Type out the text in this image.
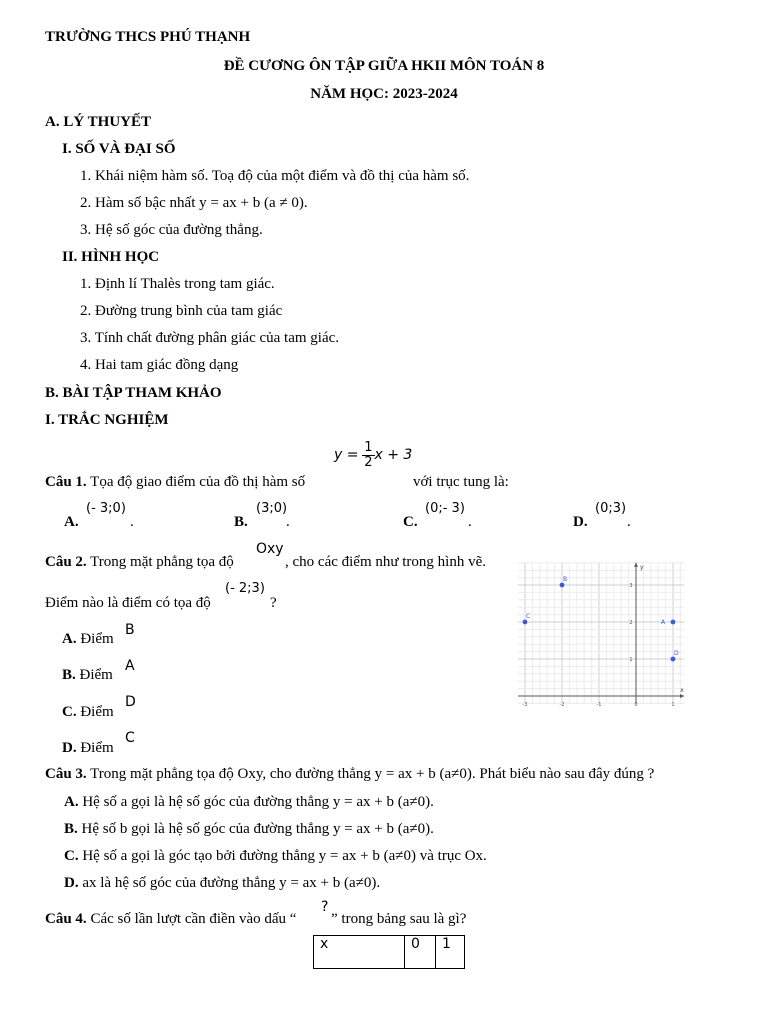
TRƯỜNG THCS PHÚ THẠNH
ĐỀ CƯƠNG ÔN TẬP GIỮA HKII MÔN TOÁN 8
NĂM HỌC: 2023-2024
A. LÝ THUYẾT
I. SỐ VÀ ĐẠI SỐ
1. Khái niệm hàm số. Toạ độ của một điểm và đồ thị của hàm số.
2. Hàm số bậc nhất y = ax + b (a ≠ 0).
3. Hệ số góc của đường thẳng.
II. HÌNH HỌC
1. Định lí Thalès trong tam giác.
2. Đường trung bình của tam giác
3. Tính chất đường phân giác của tam giác.
4. Hai tam giác đồng dạng
B. BÀI TẬP THAM KHẢO
I. TRẮC NGHIỆM
$y = \frac{1}{2}$ x + 3
Câu 1. Tọa độ giao điểm của đồ thị hàm số	với trục tung là:
A.
(- 3;0)
.	B.
(3;0)
.	C.
(0;- 3)
.	D.
(0;3)
.
Câu 2. Trong mặt phẳng tọa độ
Oxy
, cho các điểm như trong hình vẽ.
Điểm nào là điểm có tọa độ
(- 2;3)
?
A. Điểm
B
B. Điểm
A
C. Điểm
D
D. Điểm
C
x
y
-3	-2	-1	0	1
3
2
1
B
C
A
D
Câu 3. Trong mặt phẳng tọa độ Oxy, cho đường thẳng y = ax + b (a≠0). Phát biểu nào sau đây đúng ?
A. Hệ số a gọi là hệ số góc của đường thẳng y = ax + b (a≠0).
B. Hệ số b gọi là hệ số góc của đường thẳng y = ax + b (a≠0).
C. Hệ số a gọi là góc tạo bởi đường thẳng y = ax + b (a≠0) và trục Ox.
D. ax là hệ số góc của đường thẳng y = ax + b (a≠0).
Câu 4. Các số lần lượt cần điền vào dấu “
?
” trong bảng sau là gì?
x	0	1
